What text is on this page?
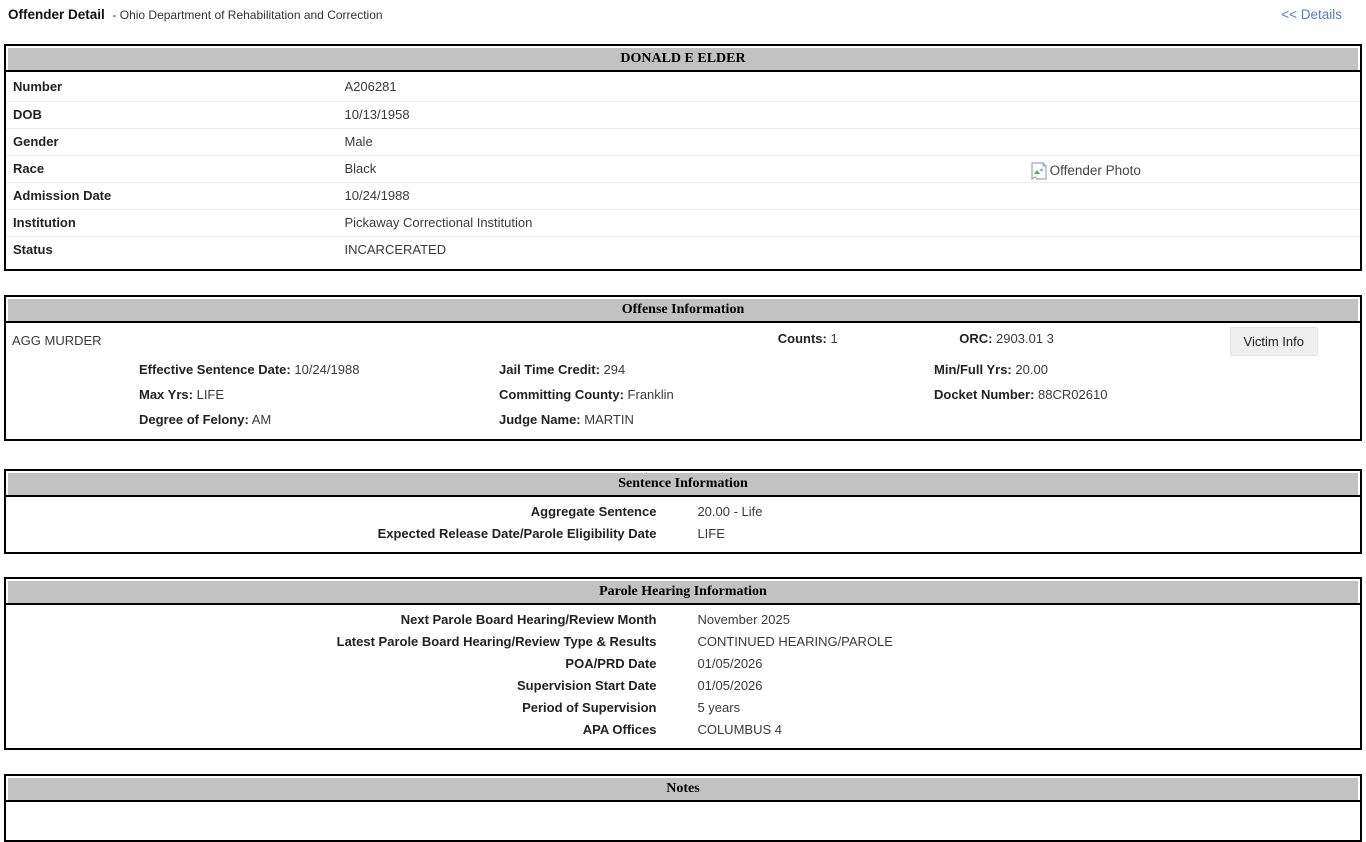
Offender Detail - Ohio Department of Rehabilitation and Correction	<< Details
DONALD E ELDER
Number	A206281
DOB	10/13/1958
Gender	Male
Race	Black
Admission Date	10/24/1988
Institution	Pickaway Correctional Institution
Status	INCARCERATED
Offender Photo
Offense Information
AGG MURDER	Counts: 1	ORC: 2903.01 3	Victim Info
Effective Sentence Date: 10/24/1988	Jail Time Credit: 294	Min/Full Yrs: 20.00
Max Yrs: LIFE	Committing County: Franklin	Docket Number: 88CR02610
Degree of Felony: AM	Judge Name: MARTIN
Sentence Information
Aggregate Sentence	20.00 - Life
Expected Release Date/Parole Eligibility Date	LIFE
Parole Hearing Information
Next Parole Board Hearing/Review Month	November 2025
Latest Parole Board Hearing/Review Type & Results	CONTINUED HEARING/PAROLE
POA/PRD Date	01/05/2026
Supervision Start Date	01/05/2026
Period of Supervision	5 years
APA Offices	COLUMBUS 4
Notes
